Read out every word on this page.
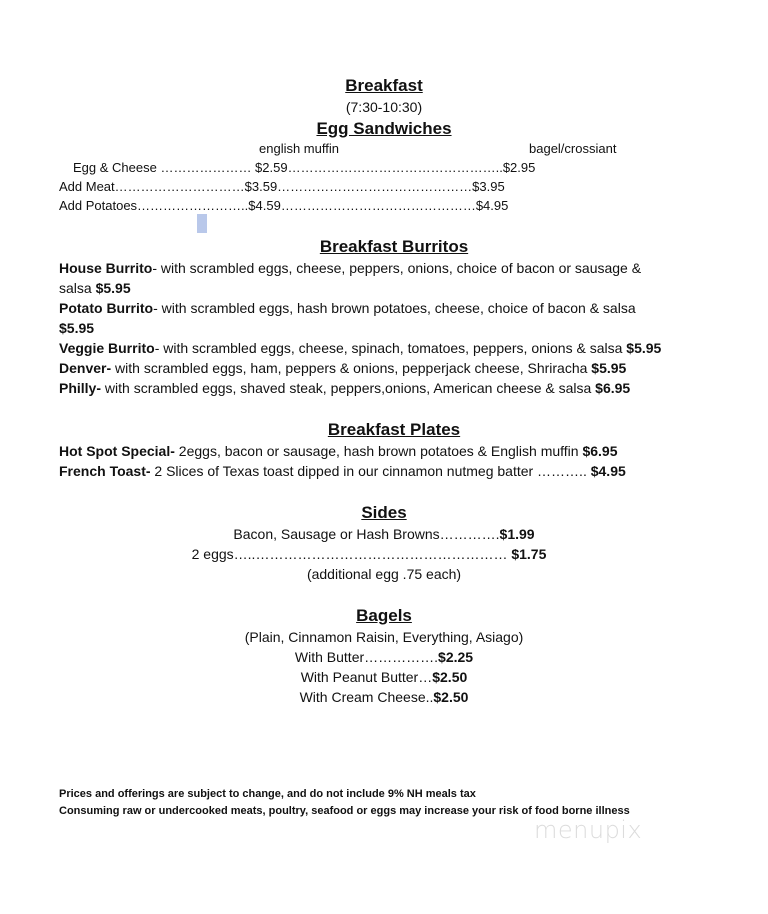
Breakfast
(7:30-10:30)
Egg Sandwiches
english muffin	bagel/crossiant
Egg & Cheese ………………… $2.59…………………………………………..$2.95
Add Meat…………………………$3.59………………………………………$3.95
Add Potatoes……………………..$4.59………………………………………$4.95
Breakfast Burritos
House Burrito- with scrambled eggs, cheese, peppers, onions, choice of bacon or sausage &
salsa $5.95
Potato Burrito- with scrambled eggs, hash brown potatoes, cheese, choice of bacon & salsa
$5.95
Veggie Burrito- with scrambled eggs, cheese, spinach, tomatoes, peppers, onions & salsa $5.95
Denver- with scrambled eggs, ham, peppers & onions, pepperjack cheese, Shriracha $5.95
Philly- with scrambled eggs, shaved steak, peppers,onions, American cheese & salsa $6.95
Breakfast Plates
Hot Spot Special- 2eggs, bacon or sausage, hash brown potatoes & English muffin $6.95
French Toast- 2 Slices of Texas toast dipped in our cinnamon nutmeg batter ……….. $4.95
Sides
Bacon, Sausage or Hash Browns………….$1.99
2 eggs…..……………………………………………… $1.75
(additional egg .75 each)
Bagels
(Plain, Cinnamon Raisin, Everything, Asiago)
With Butter…………….$2.25
With Peanut Butter…$2.50
With Cream Cheese..$2.50
Prices and offerings are subject to change, and do not include 9% NH meals tax
Consuming raw or undercooked meats, poultry, seafood or eggs may increase your risk of food borne illness
menupix
